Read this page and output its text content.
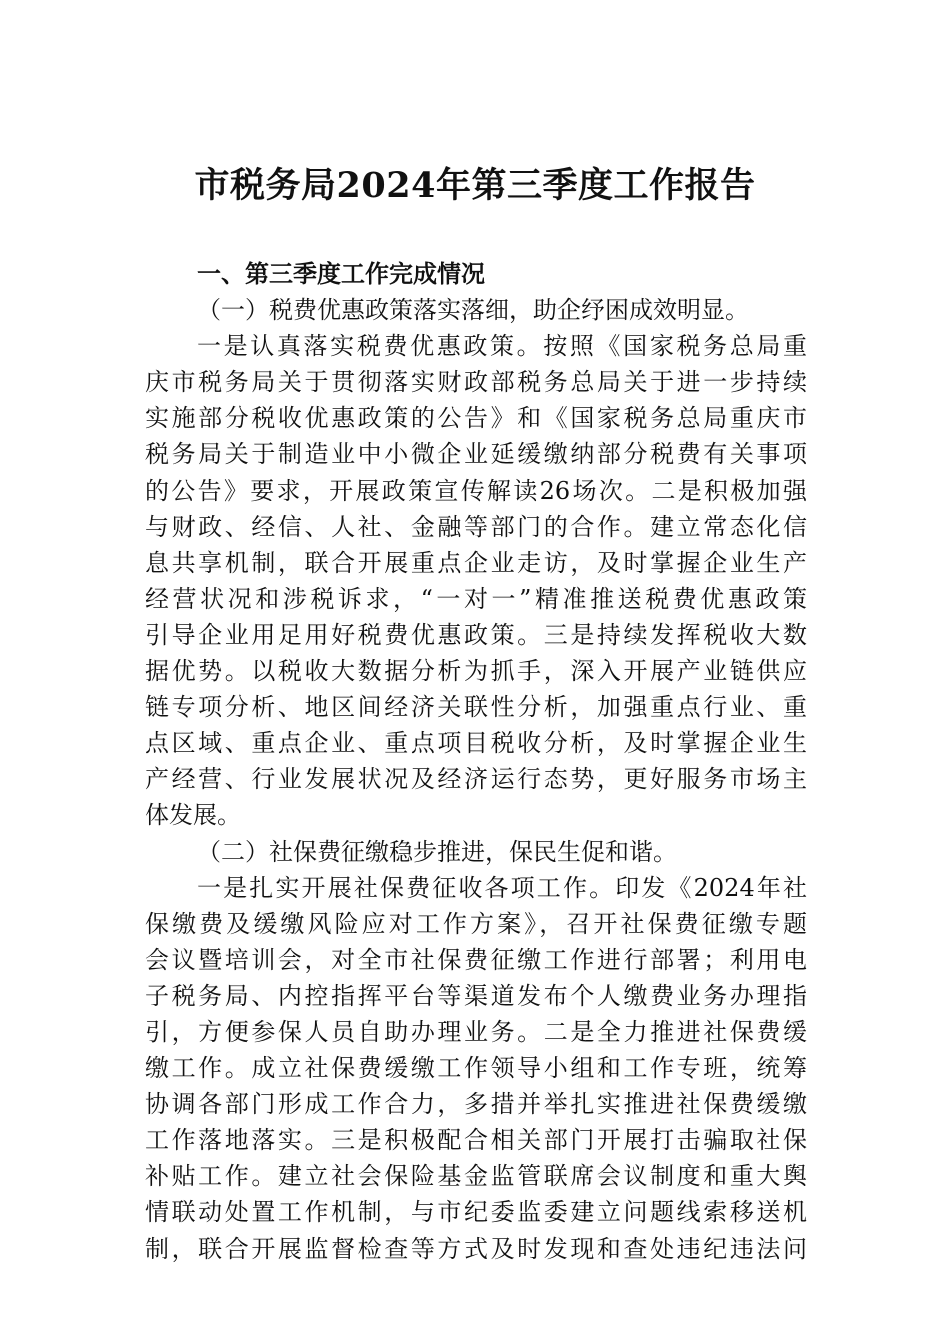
市税务局2024年第三季度工作报告
一、第三季度工作完成情况
（一）税费优惠政策落实落细，助企纾困成效明显。
一是认真落实税费优惠政策。按照《国家税务总局重
庆市税务局关于贯彻落实财政部税务总局关于进一步持续
实施部分税收优惠政策的公告》和《国家税务总局重庆市
税务局关于制造业中小微企业延缓缴纳部分税费有关事项
的公告》要求，开展政策宣传解读26场次。二是积极加强
与财政、经信、人社、金融等部门的合作。建立常态化信
息共享机制，联合开展重点企业走访，及时掌握企业生产
经营状况和涉税诉求，“一对一”精准推送税费优惠政策
引导企业用足用好税费优惠政策。三是持续发挥税收大数
据优势。以税收大数据分析为抓手，深入开展产业链供应
链专项分析、地区间经济关联性分析，加强重点行业、重
点区域、重点企业、重点项目税收分析，及时掌握企业生
产经营、行业发展状况及经济运行态势，更好服务市场主
体发展。
（二）社保费征缴稳步推进，保民生促和谐。
一是扎实开展社保费征收各项工作。印发《2024年社
保缴费及缓缴风险应对工作方案》，召开社保费征缴专题
会议暨培训会，对全市社保费征缴工作进行部署；利用电
子税务局、内控指挥平台等渠道发布个人缴费业务办理指
引，方便参保人员自助办理业务。二是全力推进社保费缓
缴工作。成立社保费缓缴工作领导小组和工作专班，统筹
协调各部门形成工作合力，多措并举扎实推进社保费缓缴
工作落地落实。三是积极配合相关部门开展打击骗取社保
补贴工作。建立社会保险基金监管联席会议制度和重大舆
情联动处置工作机制，与市纪委监委建立问题线索移送机
制，联合开展监督检查等方式及时发现和查处违纪违法问
